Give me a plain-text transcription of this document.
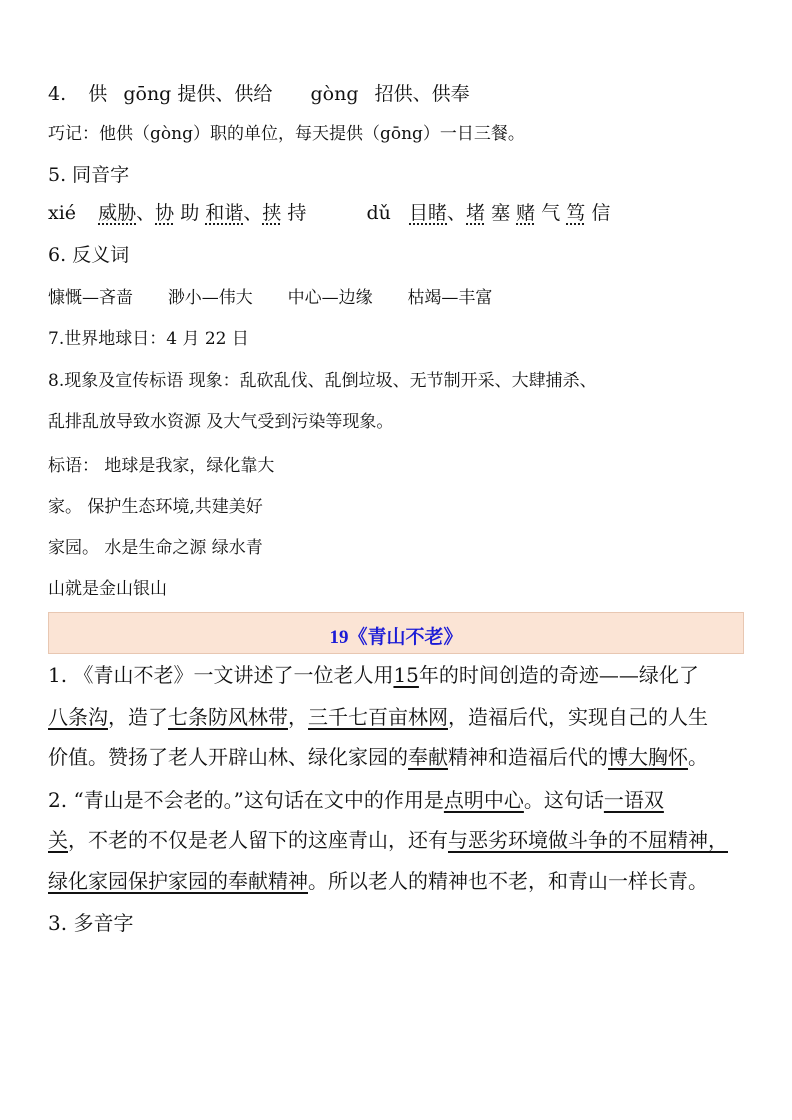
4. 供 gōng 提供、供给 gòng 招供、供奉
巧记：他供（gòng）职的单位，每天提供（gōng）一日三餐。
5. 同音字
xié 威胁、协 助 和谐、挟 持	dǔ 目睹、堵 塞 赌 气 笃 信
6. 反义词
慷慨—吝啬 渺小—伟大 中心—边缘 枯竭—丰富
7.世界地球日：4 月 22 日
8.现象及宣传标语 现象：乱砍乱伐、乱倒垃圾、无节制开采、大肆捕杀、
乱排乱放导致水资源 及大气受到污染等现象。
标语： 地球是我家，绿化靠大
家。 保护生态环境,共建美好
家园。 水是生命之源 绿水青
山就是金山银山
19《青山不老》
1. 《青山不老》一文讲述了一位老人用15年的时间创造的奇迹——绿化了
八条沟，造了七条防风林带，三千七百亩林网，造福后代，实现自己的人生
价值。赞扬了老人开辟山林、绿化家园的奉献精神和造福后代的博大胸怀。
2. “青山是不会老的。”这句话在文中的作用是点明中心。这句话一语双
关，不老的不仅是老人留下的这座青山，还有与恶劣环境做斗争的不屈精神，
绿化家园保护家园的奉献精神。所以老人的精神也不老，和青山一样长青。
3. 多音字
